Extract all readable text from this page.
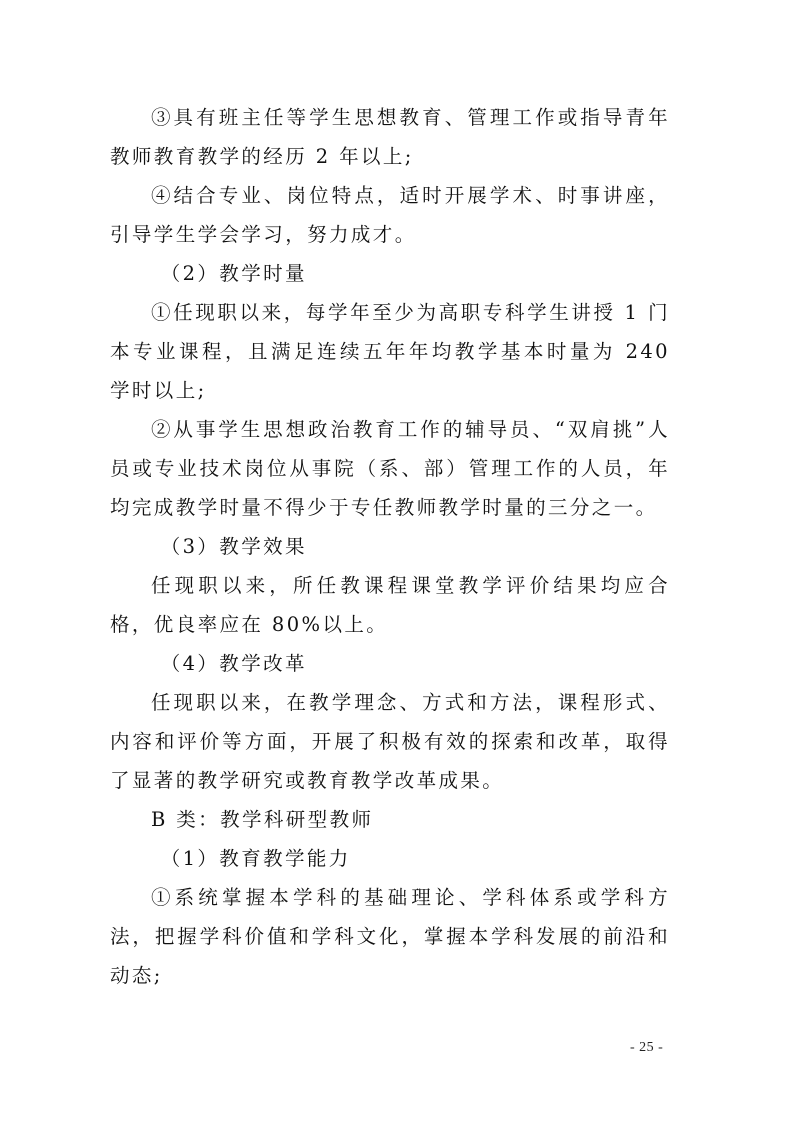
③具有班主任等学生思想教育、管理工作或指导青年教师教育教学的经历 2 年以上;

④结合专业、岗位特点，适时开展学术、时事讲座，引导学生学会学习，努力成才。

（2）教学时量

①任现职以来，每学年至少为高职专科学生讲授 1 门本专业课程，且满足连续五年年均教学基本时量为 240 学时以上;

②从事学生思想政治教育工作的辅导员、“双肩挑”人员或专业技术岗位从事院（系、部）管理工作的人员，年均完成教学时量不得少于专任教师教学时量的三分之一。

（3）教学效果

任现职以来，所任教课程课堂教学评价结果均应合格，优良率应在 80%以上。

（4）教学改革

任现职以来，在教学理念、方式和方法，课程形式、内容和评价等方面，开展了积极有效的探索和改革，取得了显著的教学研究或教育教学改革成果。

B 类：教学科研型教师

（1）教育教学能力

①系统掌握本学科的基础理论、学科体系或学科方法，把握学科价值和学科文化，掌握本学科发展的前沿和动态;

- 25 -
